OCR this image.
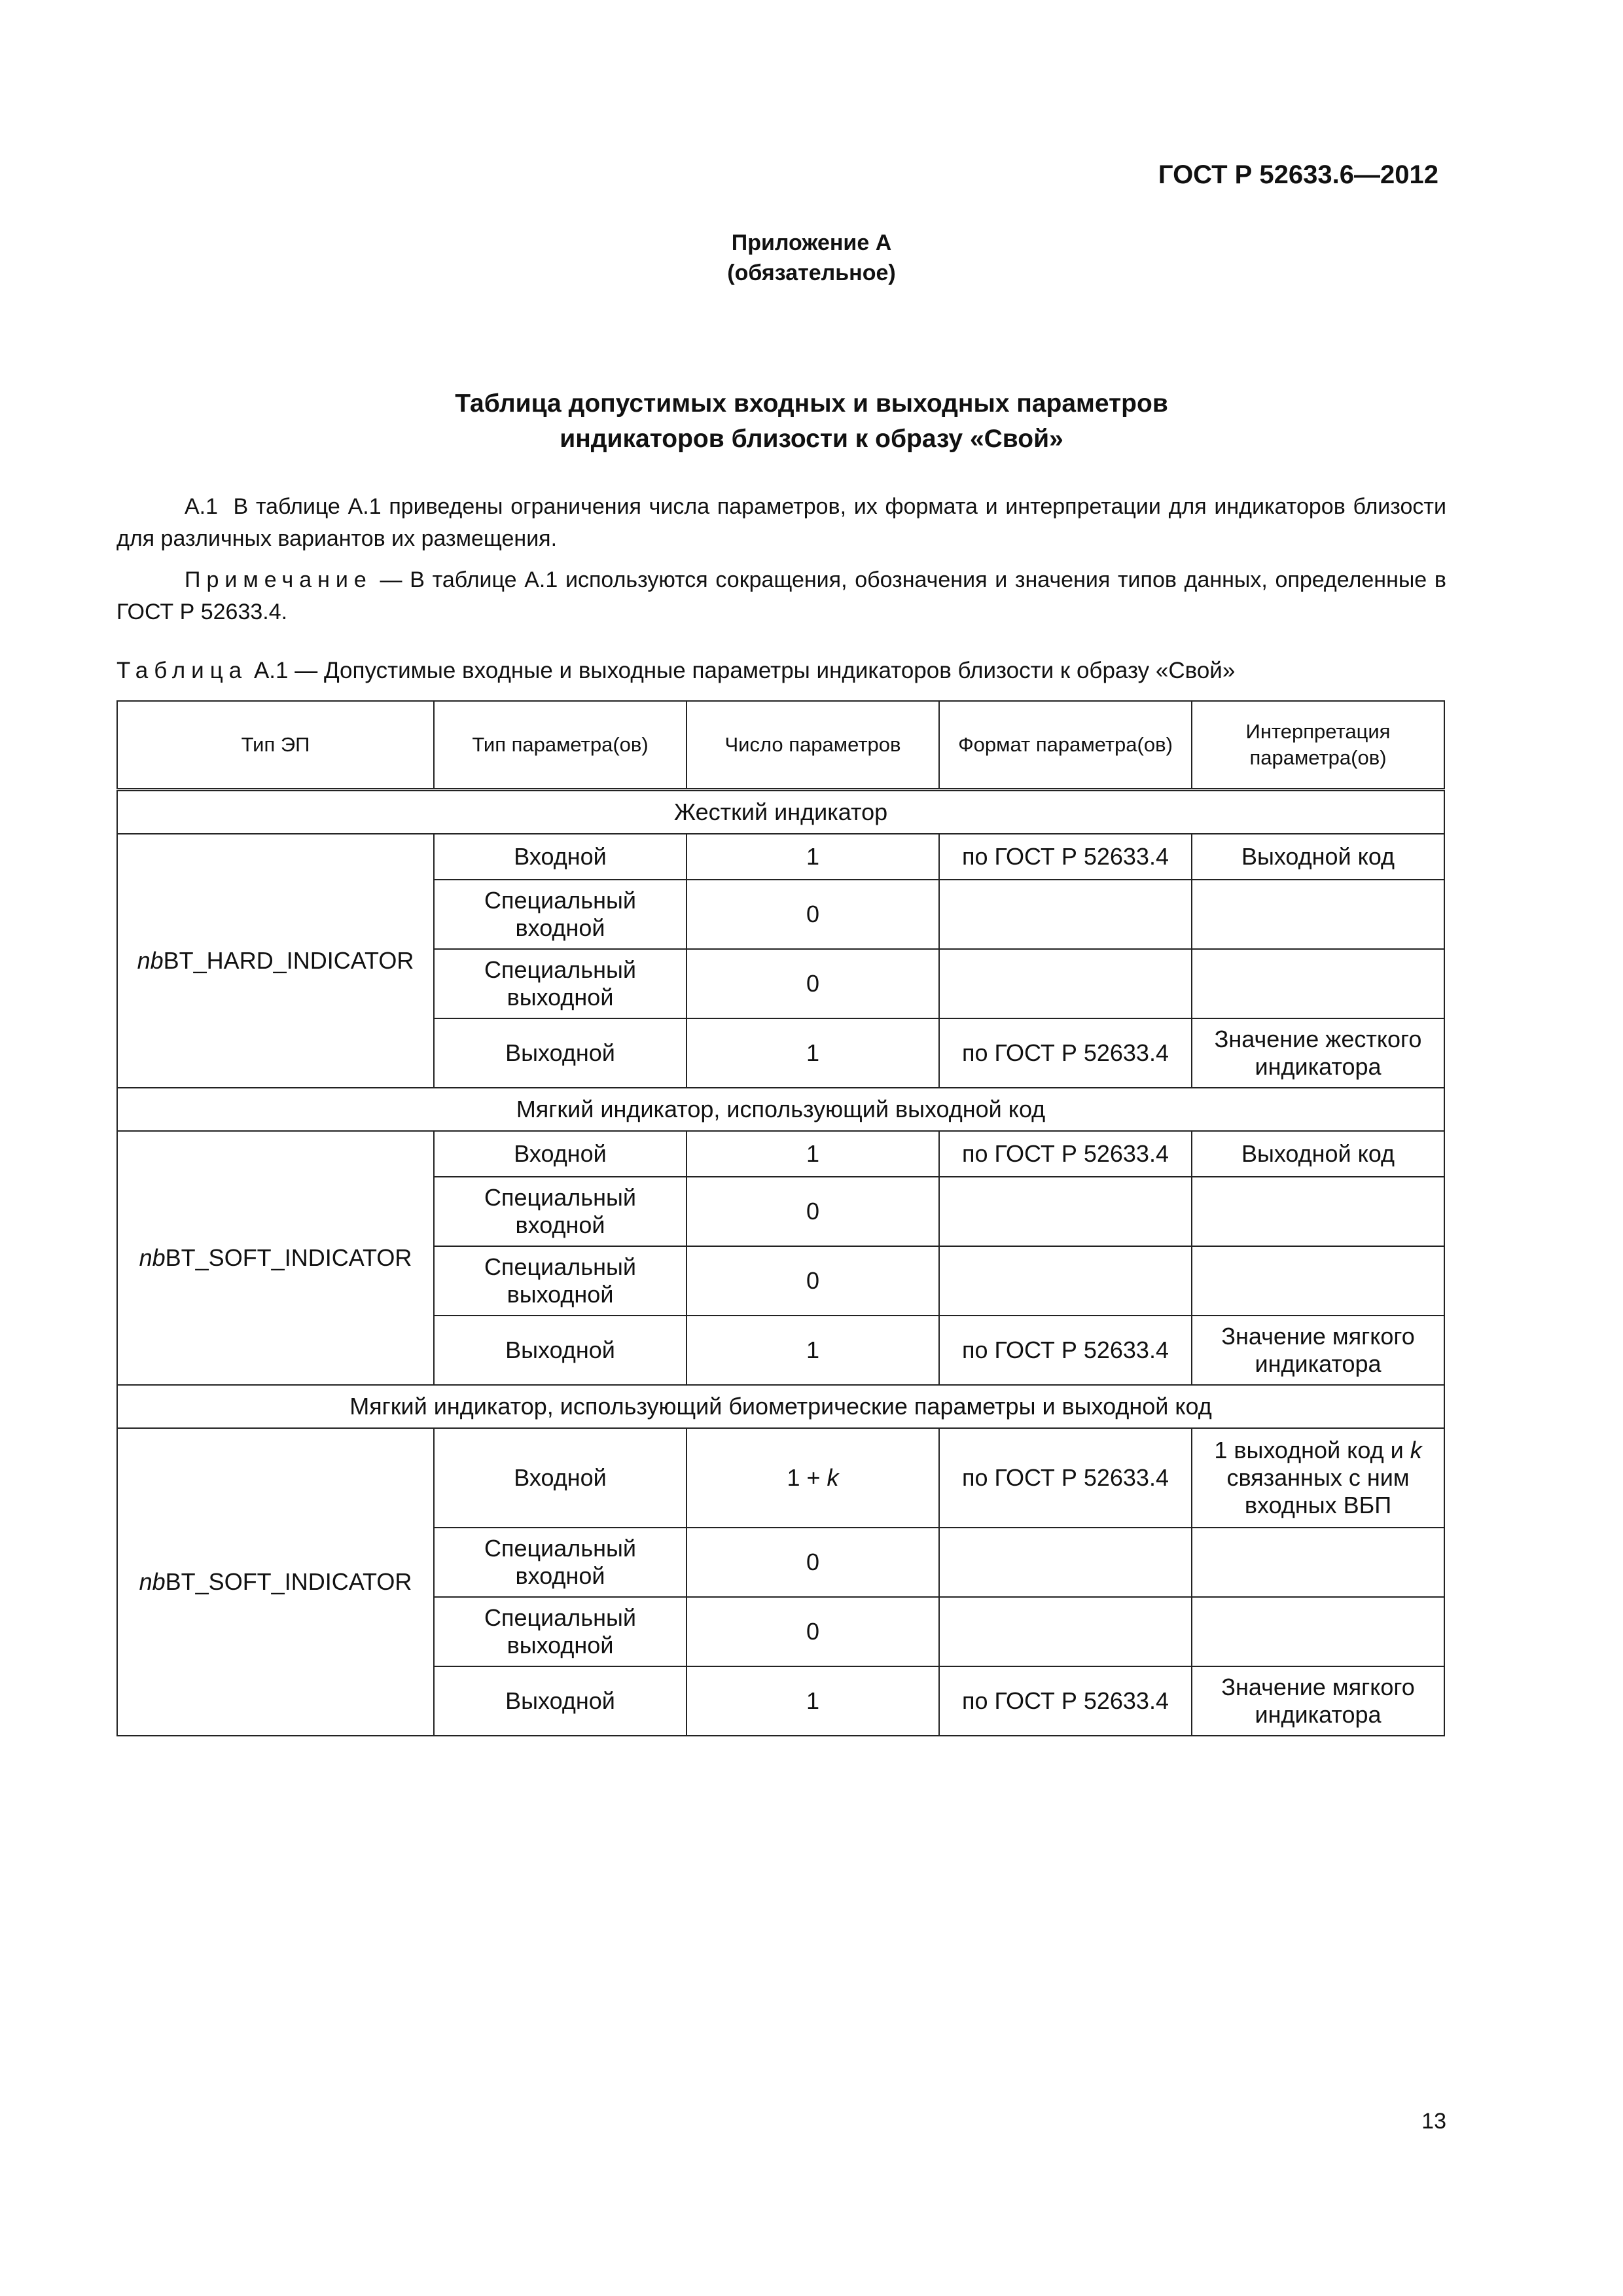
ГОСТ Р 52633.6—2012
Приложение А
(обязательное)
Таблица допустимых входных и выходных параметров
индикаторов близости к образу «Свой»
А.1 В таблице А.1 приведены ограничения числа параметров, их формата и интерпретации для индикаторов близости для различных вариантов их размещения.
Примечание — В таблице А.1 используются сокращения, обозначения и значения типов данных, определенные в ГОСТ Р 52633.4.
Таблица А.1 — Допустимые входные и выходные параметры индикаторов близости к образу «Свой»
Тип ЭП	Тип параметра(ов)	Число параметров	Формат параметра(ов)	Интерпретация параметра(ов)
Жесткий индикатор				
nbBT_HARD_INDICATOR	Входной	1	по ГОСТ Р 52633.4	Выходной код
	Специальный входной	0		
	Специальный выходной	0		
	Выходной	1	по ГОСТ Р 52633.4	Значение жесткого индикатора
Мягкий индикатор, использующий выходной код				
nbBT_SOFT_INDICATOR	Входной	1	по ГОСТ Р 52633.4	Выходной код
	Специальный входной	0		
	Специальный выходной	0		
	Выходной	1	по ГОСТ Р 52633.4	Значение мягкого индикатора
Мягкий индикатор, использующий биометрические параметры и выходной код				
nbBT_SOFT_INDICATOR	Входной	1 + k	по ГОСТ Р 52633.4	1 выходной код и k связанных с ним входных ВБП
	Специальный входной	0		
	Специальный выходной	0		
	Выходной	1	по ГОСТ Р 52633.4	Значение мягкого индикатора
13
